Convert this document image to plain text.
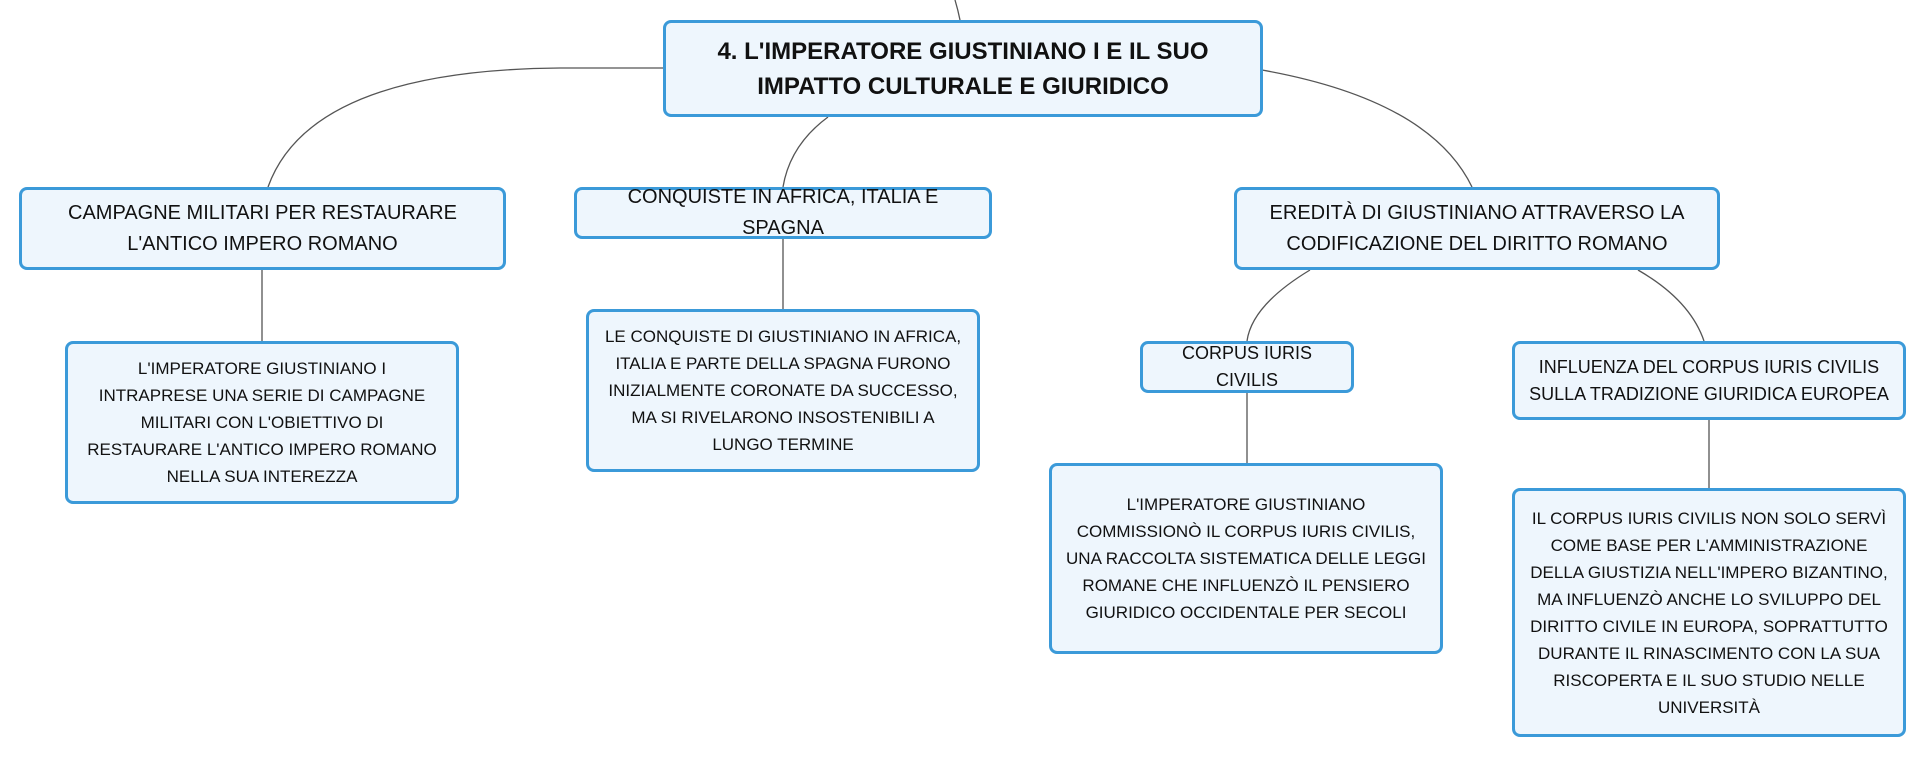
4. L'IMPERATORE GIUSTINIANO I E IL SUO IMPATTO CULTURALE E GIURIDICO
CAMPAGNE MILITARI PER RESTAURARE L'ANTICO IMPERO ROMANO
CONQUISTE IN AFRICA, ITALIA E SPAGNA
EREDITÀ DI GIUSTINIANO ATTRAVERSO LA CODIFICAZIONE DEL DIRITTO ROMANO
L'IMPERATORE GIUSTINIANO I INTRAPRESE UNA SERIE DI CAMPAGNE MILITARI CON L'OBIETTIVO DI RESTAURARE L'ANTICO IMPERO ROMANO NELLA SUA INTEREZZA
LE CONQUISTE DI GIUSTINIANO IN AFRICA, ITALIA E PARTE DELLA SPAGNA FURONO INIZIALMENTE CORONATE DA SUCCESSO, MA SI RIVELARONO INSOSTENIBILI A LUNGO TERMINE
CORPUS IURIS CIVILIS
INFLUENZA DEL CORPUS IURIS CIVILIS SULLA TRADIZIONE GIURIDICA EUROPEA
L'IMPERATORE GIUSTINIANO COMMISSIONÒ IL CORPUS IURIS CIVILIS, UNA RACCOLTA SISTEMATICA DELLE LEGGI ROMANE CHE INFLUENZÒ IL PENSIERO GIURIDICO OCCIDENTALE PER SECOLI
IL CORPUS IURIS CIVILIS NON SOLO SERVÌ COME BASE PER L'AMMINISTRAZIONE DELLA GIUSTIZIA NELL'IMPERO BIZANTINO, MA INFLUENZÒ ANCHE LO SVILUPPO DEL DIRITTO CIVILE IN EUROPA, SOPRATTUTTO DURANTE IL RINASCIMENTO CON LA SUA RISCOPERTA E IL SUO STUDIO NELLE UNIVERSITÀ
